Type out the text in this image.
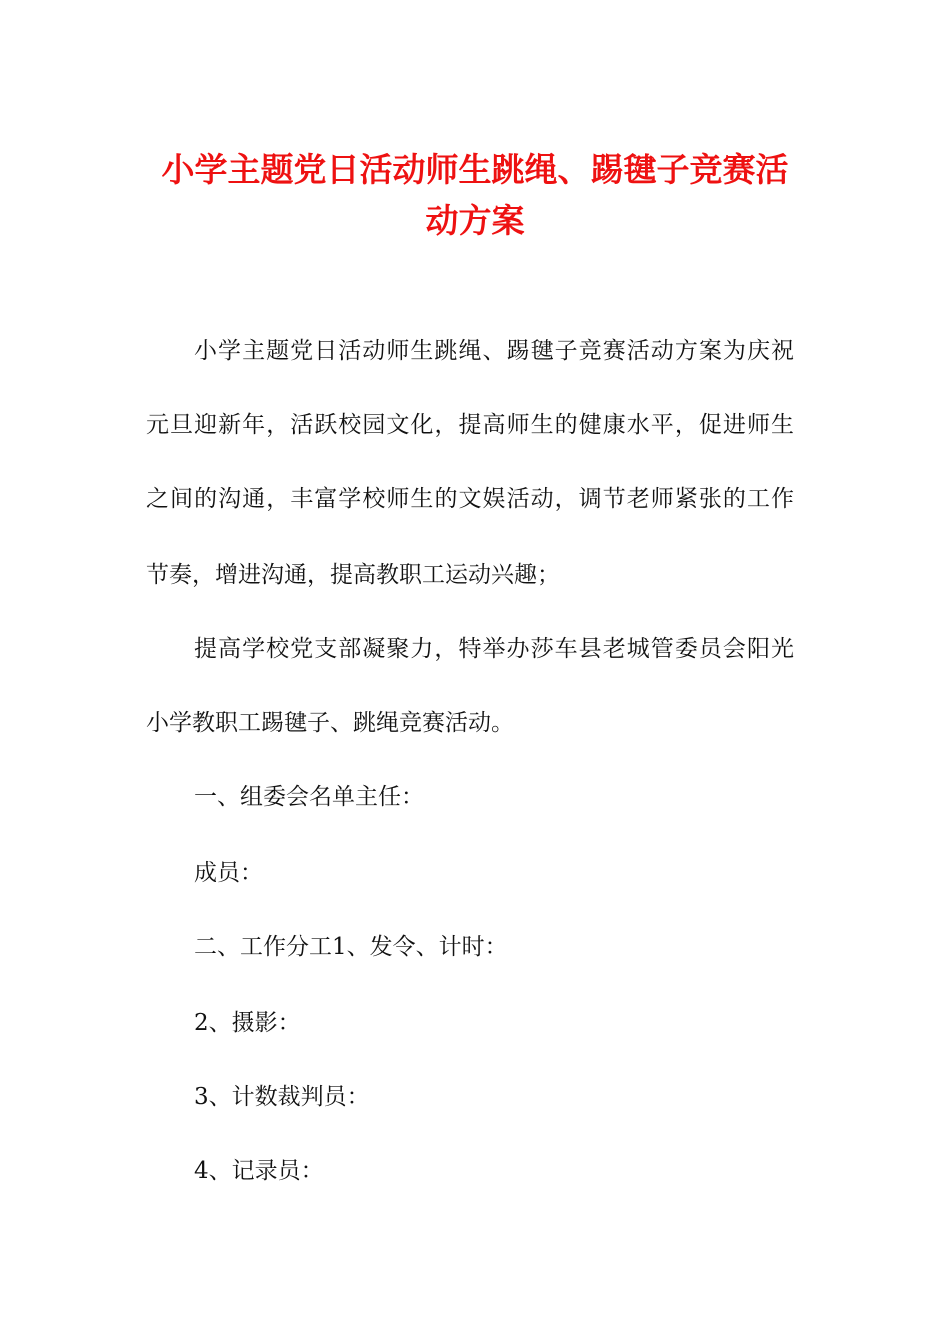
小学主题党日活动师生跳绳、踢毽子竞赛活
动方案

小学主题党日活动师生跳绳、踢毽子竞赛活动方案为庆祝

元旦迎新年，活跃校园文化，提高师生的健康水平，促进师生

之间的沟通，丰富学校师生的文娱活动，调节老师紧张的工作

节奏，增进沟通，提高教职工运动兴趣；

提高学校党支部凝聚力，特举办莎车县老城管委员会阳光

小学教职工踢毽子、跳绳竞赛活动。

一、组委会名单主任：

成员：

二、工作分工1、发令、计时：

2、摄影：

3、计数裁判员：

4、记录员：
